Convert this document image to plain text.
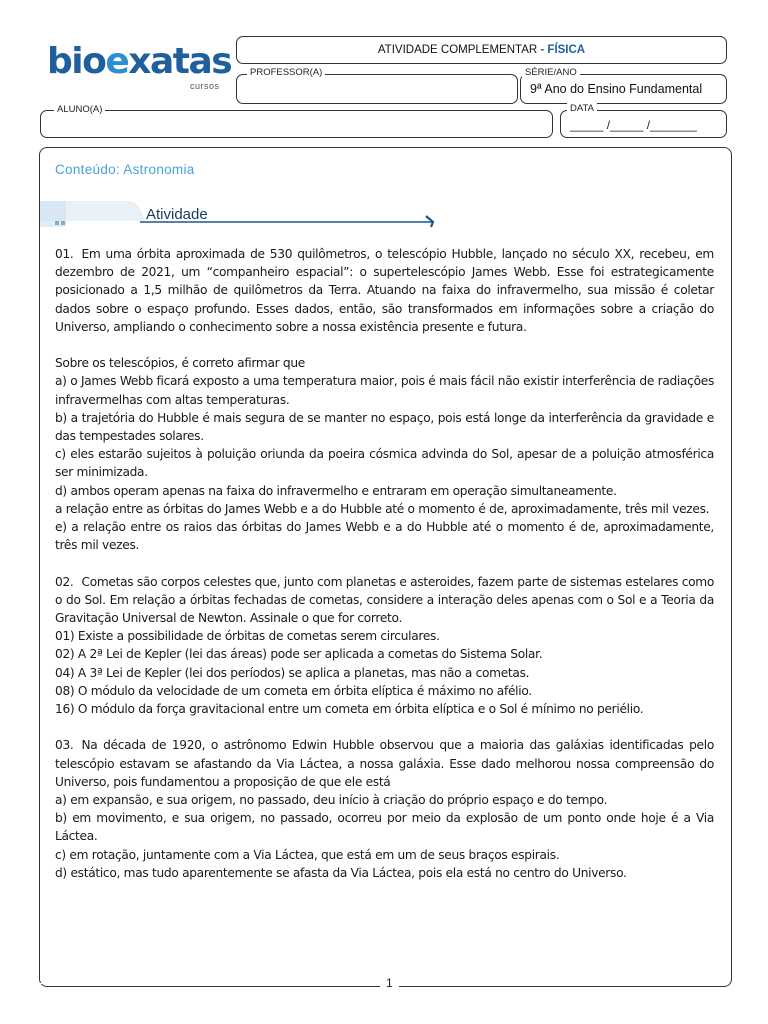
bioexatas
cursos
ATIVIDADE COMPLEMENTAR - FÍSICA
PROFESSOR(A)	SÉRIE/ANO
9ª Ano do Ensino Fundamental
ALUNO(A)	DATA
_____ /_____ /_______
Conteúdo: Astronomia
Atividade

01. Em uma órbita aproximada de 530 quilômetros, o telescópio Hubble, lançado no século XX, recebeu, em dezembro de 2021, um “companheiro espacial”: o supertelescópio James Webb. Esse foi estrategicamente posicionado a 1,5 milhão de quilômetros da Terra. Atuando na faixa do infravermelho, sua missão é coletar dados sobre o espaço profundo. Esses dados, então, são transformados em informações sobre a criação do Universo, ampliando o conhecimento sobre a nossa existência presente e futura.

Sobre os telescópios, é correto afirmar que

a) o James Webb ficará exposto a uma temperatura maior, pois é mais fácil não existir interferência de radiações infravermelhas com altas temperaturas.

b) a trajetória do Hubble é mais segura de se manter no espaço, pois está longe da interferência da gravidade e das tempestades solares.

c) eles estarão sujeitos à poluição oriunda da poeira cósmica advinda do Sol, apesar de a poluição atmosférica ser minimizada.

d) ambos operam apenas na faixa do infravermelho e entraram em operação simultaneamente.

a relação entre as órbitas do James Webb e a do Hubble até o momento é de, aproximadamente, três mil vezes.

e) a relação entre os raios das órbitas do James Webb e a do Hubble até o momento é de, aproximadamente, três mil vezes.

02. Cometas são corpos celestes que, junto com planetas e asteroides, fazem parte de sistemas estelares como o do Sol. Em relação a órbitas fechadas de cometas, considere a interação deles apenas com o Sol e a Teoria da Gravitação Universal de Newton. Assinale o que for correto.

01) Existe a possibilidade de órbitas de cometas serem circulares.

02) A 2ª Lei de Kepler (lei das áreas) pode ser aplicada a cometas do Sistema Solar.

04) A 3ª Lei de Kepler (lei dos períodos) se aplica a planetas, mas não a cometas.

08) O módulo da velocidade de um cometa em órbita elíptica é máximo no afélio.

16) O módulo da força gravitacional entre um cometa em órbita elíptica e o Sol é mínimo no periélio.

03. Na década de 1920, o astrônomo Edwin Hubble observou que a maioria das galáxias identificadas pelo telescópio estavam se afastando da Via Láctea, a nossa galáxia. Esse dado melhorou nossa compreensão do Universo, pois fundamentou a proposição de que ele está

a) em expansão, e sua origem, no passado, deu início à criação do próprio espaço e do tempo.

b) em movimento, e sua origem, no passado, ocorreu por meio da explosão de um ponto onde hoje é a Via Láctea.

c) em rotação, juntamente com a Via Láctea, que está em um de seus braços espirais.

d) estático, mas tudo aparentemente se afasta da Via Láctea, pois ela está no centro do Universo.

1
